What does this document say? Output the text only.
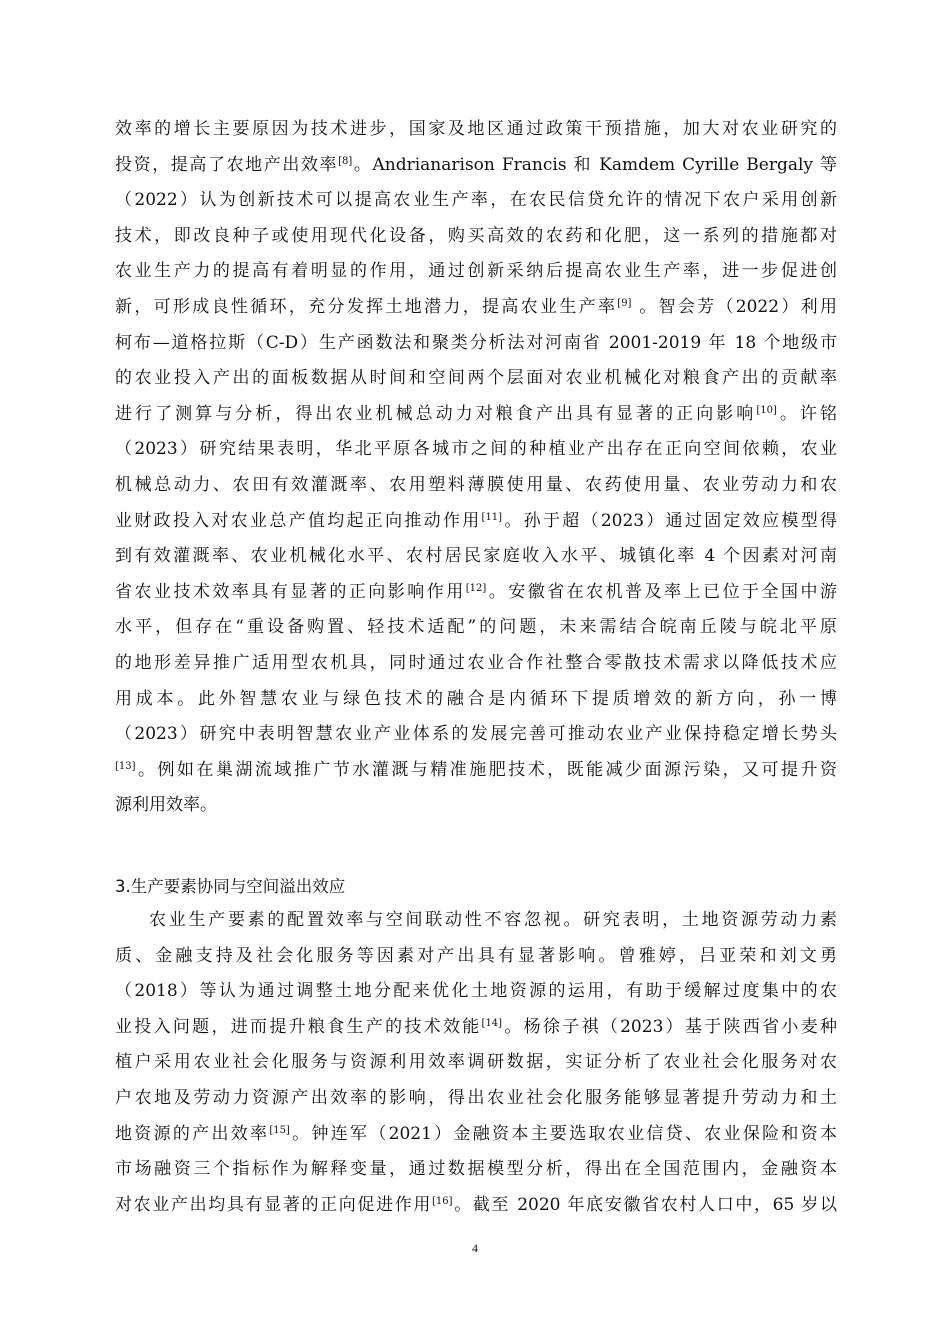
效率的增长主要原因为技术进步，国家及地区通过政策干预措施，加大对农业研究的
投资，提高了农地产出效率[8]。Andrianarison Francis 和 Kamdem Cyrille Bergaly 等
（2022）认为创新技术可以提高农业生产率，在农民信贷允许的情况下农户采用创新
技术，即改良种子或使用现代化设备，购买高效的农药和化肥，这一系列的措施都对
农业生产力的提高有着明显的作用，通过创新采纳后提高农业生产率，进一步促进创
新，可形成良性循环，充分发挥土地潜力，提高农业生产率[9] 。智会芳（2022）利用
柯布—道格拉斯（C-D）生产函数法和聚类分析法对河南省 2001-2019 年 18 个地级市
的农业投入产出的面板数据从时间和空间两个层面对农业机械化对粮食产出的贡献率
进行了测算与分析，得出农业机械总动力对粮食产出具有显著的正向影响[10]。许铭
（2023）研究结果表明，华北平原各城市之间的种植业产出存在正向空间依赖，农业
机械总动力、农田有效灌溉率、农用塑料薄膜使用量、农药使用量、农业劳动力和农
业财政投入对农业总产值均起正向推动作用[11]。孙于超（2023）通过固定效应模型得
到有效灌溉率、农业机械化水平、农村居民家庭收入水平、城镇化率 4 个因素对河南
省农业技术效率具有显著的正向影响作用[12]。安徽省在农机普及率上已位于全国中游
水平，但存在“重设备购置、轻技术适配”的问题，未来需结合皖南丘陵与皖北平原
的地形差异推广适用型农机具，同时通过农业合作社整合零散技术需求以降低技术应
用成本。此外智慧农业与绿色技术的融合是内循环下提质增效的新方向，孙一博
（2023）研究中表明智慧农业产业体系的发展完善可推动农业产业保持稳定增长势头
[13]。例如在巢湖流域推广节水灌溉与精准施肥技术，既能减少面源污染，又可提升资
源利用效率。
3.生产要素协同与空间溢出效应
农业生产要素的配置效率与空间联动性不容忽视。研究表明，土地资源劳动力素
质、金融支持及社会化服务等因素对产出具有显著影响。曾雅婷，吕亚荣和刘文勇
（2018）等认为通过调整土地分配来优化土地资源的运用，有助于缓解过度集中的农
业投入问题，进而提升粮食生产的技术效能[14]。杨徐子祺（2023）基于陕西省小麦种
植户采用农业社会化服务与资源利用效率调研数据，实证分析了农业社会化服务对农
户农地及劳动力资源产出效率的影响，得出农业社会化服务能够显著提升劳动力和土
地资源的产出效率[15]。钟连军（2021）金融资本主要选取农业信贷、农业保险和资本
市场融资三个指标作为解释变量，通过数据模型分析，得出在全国范围内，金融资本
对农业产出均具有显著的正向促进作用[16]。截至 2020 年底安徽省农村人口中，65 岁以
4
